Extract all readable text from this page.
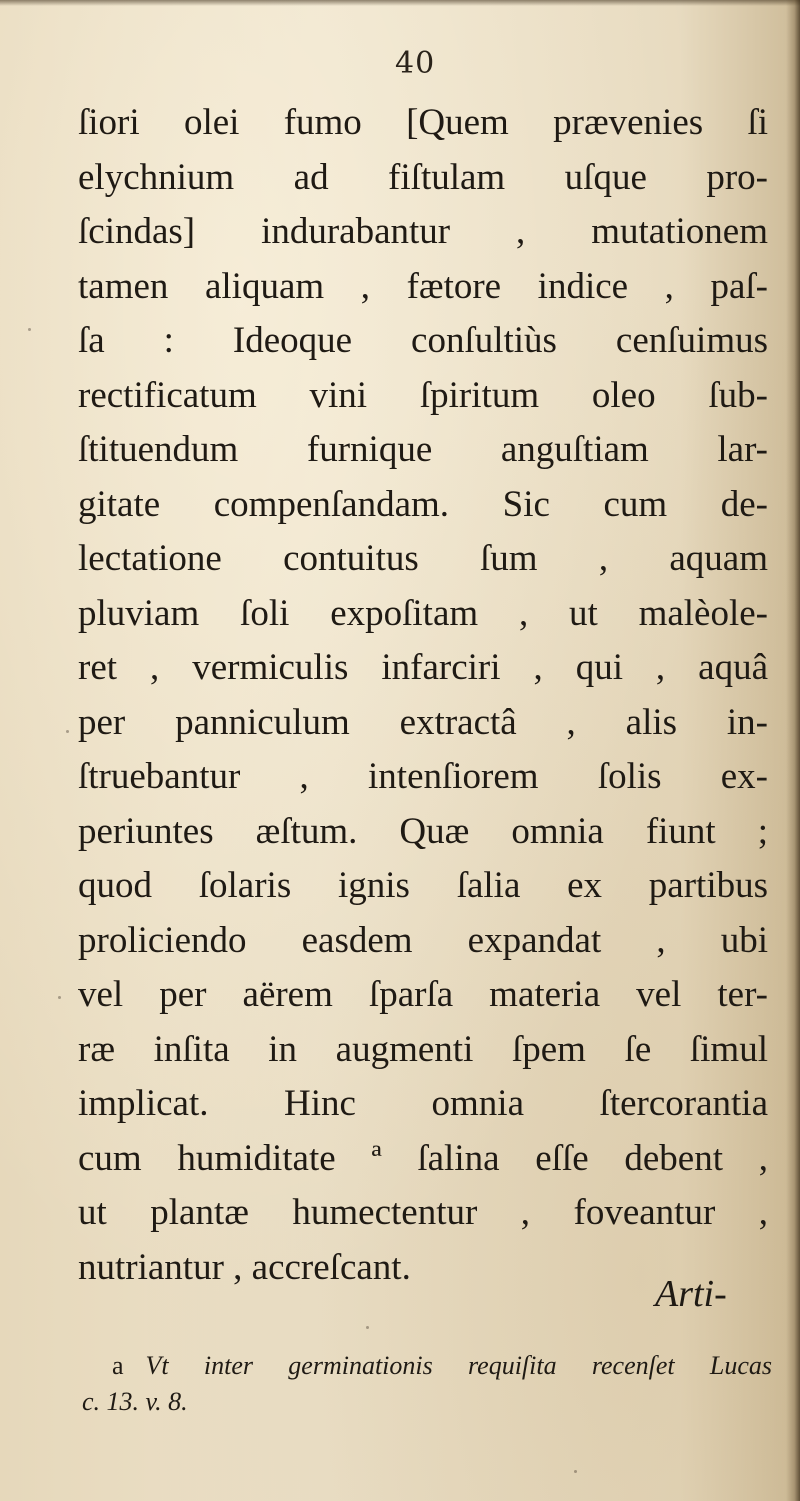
40
ſiori olei fumo [Quem prævenies ſi
elychnium ad fiſtulam uſque pro-
ſcindas] indurabantur , mutationem
tamen aliquam , fætore indice , paſ-
ſa : Ideoque conſultiùs cenſuimus
rectificatum vini ſpiritum oleo ſub-
ſtituendum furnique anguſtiam lar-
gitate compenſandam. Sic cum de-
lectatione contuitus ſum , aquam
pluviam ſoli expoſitam , ut malèole-
ret , vermiculis infarciri , qui , aquâ
per panniculum extractâ , alis in-
ſtruebantur , intenſiorem ſolis ex-
periuntes æſtum. Quæ omnia fiunt ;
quod ſolaris ignis ſalia ex partibus
proliciendo easdem expandat , ubi
vel per aërem ſparſa materia vel ter-
ræ inſita in augmenti ſpem ſe ſimul
implicat. Hinc omnia ſtercorantia
cum humiditate ª ſalina eſſe debent ,
ut plantæ humectentur , foveantur ,
nutriantur , accreſcant.
Arti-
a Vt inter germinationis requiſita recenſet Lucas
c. 13. v. 8.
